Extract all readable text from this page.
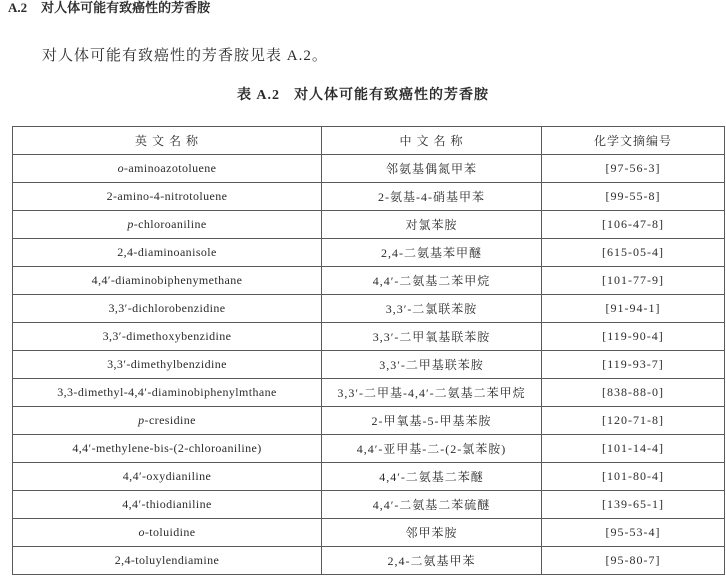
A.2 对人体可能有致癌性的芳香胺
对人体可能有致癌性的芳香胺见表 A.2。
表 A.2 对人体可能有致癌性的芳香胺
英 文 名 称	中 文 名 称	化学文摘编号
o-aminoazotoluene	邻氨基偶氮甲苯	[97-56-3]
2-amino-4-nitrotoluene	2-氨基-4-硝基甲苯	[99-55-8]
p-chloroaniline	对氯苯胺	[106-47-8]
2,4-diaminoanisole	2,4-二氨基苯甲醚	[615-05-4]
4,4′-diaminobiphenymethane	4,4′-二氨基二苯甲烷	[101-77-9]
3,3′-dichlorobenzidine	3,3′-二氯联苯胺	[91-94-1]
3,3′-dimethoxybenzidine	3,3′-二甲氧基联苯胺	[119-90-4]
3,3′-dimethylbenzidine	3,3′-二甲基联苯胺	[119-93-7]
3,3-dimethyl-4,4′-diaminobiphenylmthane	3,3′-二甲基-4,4′-二氨基二苯甲烷	[838-88-0]
p-cresidine	2-甲氧基-5-甲基苯胺	[120-71-8]
4,4′-methylene-bis-(2-chloroaniline)	4,4′-亚甲基-二-(2-氯苯胺)	[101-14-4]
4,4′-oxydianiline	4,4′-二氨基二苯醚	[101-80-4]
4,4′-thiodianiline	4,4′-二氨基二苯硫醚	[139-65-1]
o-toluidine	邻甲苯胺	[95-53-4]
2,4-toluylendiamine	2,4-二氨基甲苯	[95-80-7]
